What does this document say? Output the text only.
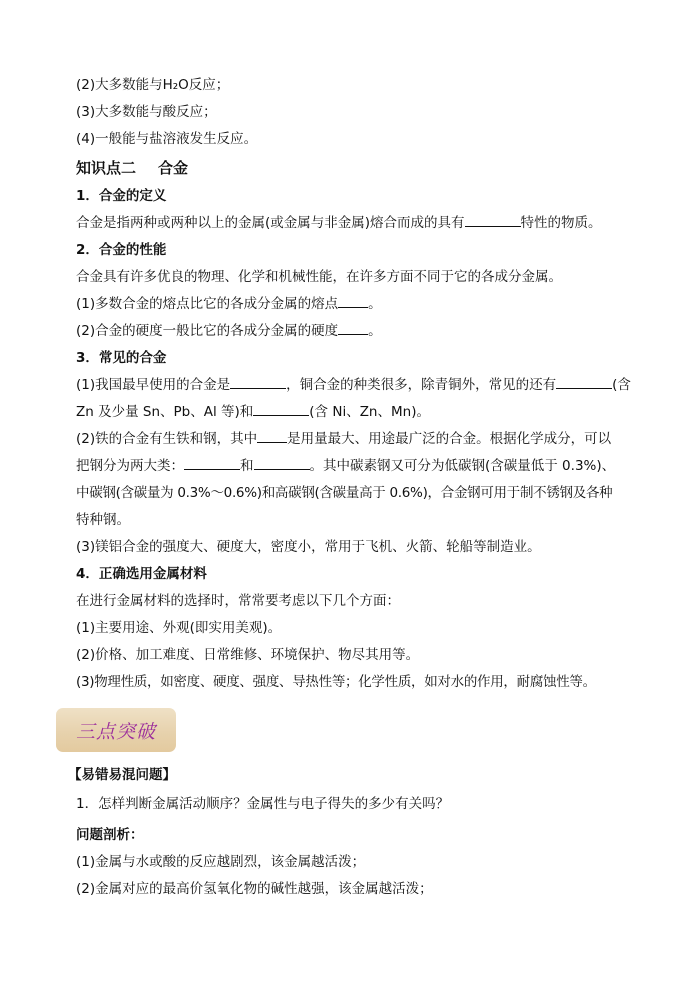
(2)大多数能与H₂O反应；
(3)大多数能与酸反应；
(4)一般能与盐溶液发生反应。
知识点二 合金
1．合金的定义
合金是指两种或两种以上的金属(或金属与非金属)熔合而成的具有	特性的物质。
2．合金的性能
合金具有许多优良的物理、化学和机械性能，在许多方面不同于它的各成分金属。
(1)多数合金的熔点比它的各成分金属的熔点 。
(2)合金的硬度一般比它的各成分金属的硬度 。
3．常见的合金
(1)我国最早使用的合金是	，铜合金的种类很多，除青铜外，常见的还有	(含
Zn 及少量 Sn、Pb、Al 等)和	(含 Ni、Zn、Mn)。
(2)铁的合金有生铁和钢，其中 是用量最大、用途最广泛的合金。根据化学成分，可以
把钢分为两大类：	和	。其中碳素钢又可分为低碳钢(含碳量低于 0.3%)、
中碳钢(含碳量为 0.3%～0.6%)和高碳钢(含碳量高于 0.6%)，合金钢可用于制不锈钢及各种
特种钢。
(3)镁铝合金的强度大、硬度大，密度小，常用于飞机、火箭、轮船等制造业。
4．正确选用金属材料
在进行金属材料的选择时，常常要考虑以下几个方面：
(1)主要用途、外观(即实用美观)。
(2)价格、加工难度、日常维修、环境保护、物尽其用等。
(3)物理性质，如密度、硬度、强度、导热性等；化学性质，如对水的作用，耐腐蚀性等。
三点突破
【易错易混问题】
1．怎样判断金属活动顺序？金属性与电子得失的多少有关吗？
问题剖析：
(1)金属与水或酸的反应越剧烈，该金属越活泼；
(2)金属对应的最高价氢氧化物的碱性越强，该金属越活泼；
